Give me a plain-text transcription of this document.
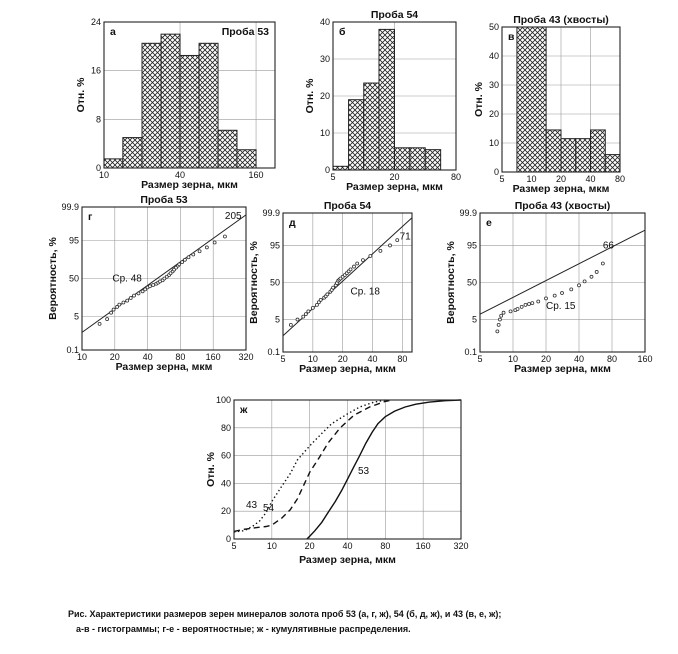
10	40	160
0
8
16
24
Размер зерна, мкм
Отн. %
Проба 53
а
5	20	80
0
10
20
30
40
Размер зерна, мкм
Отн. %
Проба 54
б
5 10 20 40 80
0
10
20
30
40
50
Размер зерна, мкм
Отн. %
Проба 43 (хвосты)
в
10	20	40	80 160 320
0.1
5
50
95
99.9
Размер зерна, мкм
Вероятность, %
Проба 53
г
Ср. 48
205
5 10 20 40 80
0.1
5
50
95
99.9
Размер зерна, мкм
Вероятность, %
Проба 54
д
Ср. 18
71
5	10	20	40	80 160
0.1
5
50
95
99.9
Размер зерна, мкм
Вероятность, %
Проба 43 (хвосты)
е
Ср. 15
66
43 54
53
5	10	20	40	80	160	320
0
20
40
60
80
100
Размер зерна, мкм
Отн. %
ж
Рис. Характеристики размеров зерен минералов золота проб 53 (а, г, ж), 54 (б, д, ж), и 43 (в, е, ж);
а-в - гистограммы; г-е - вероятностные; ж - кумулятивные распределения.
